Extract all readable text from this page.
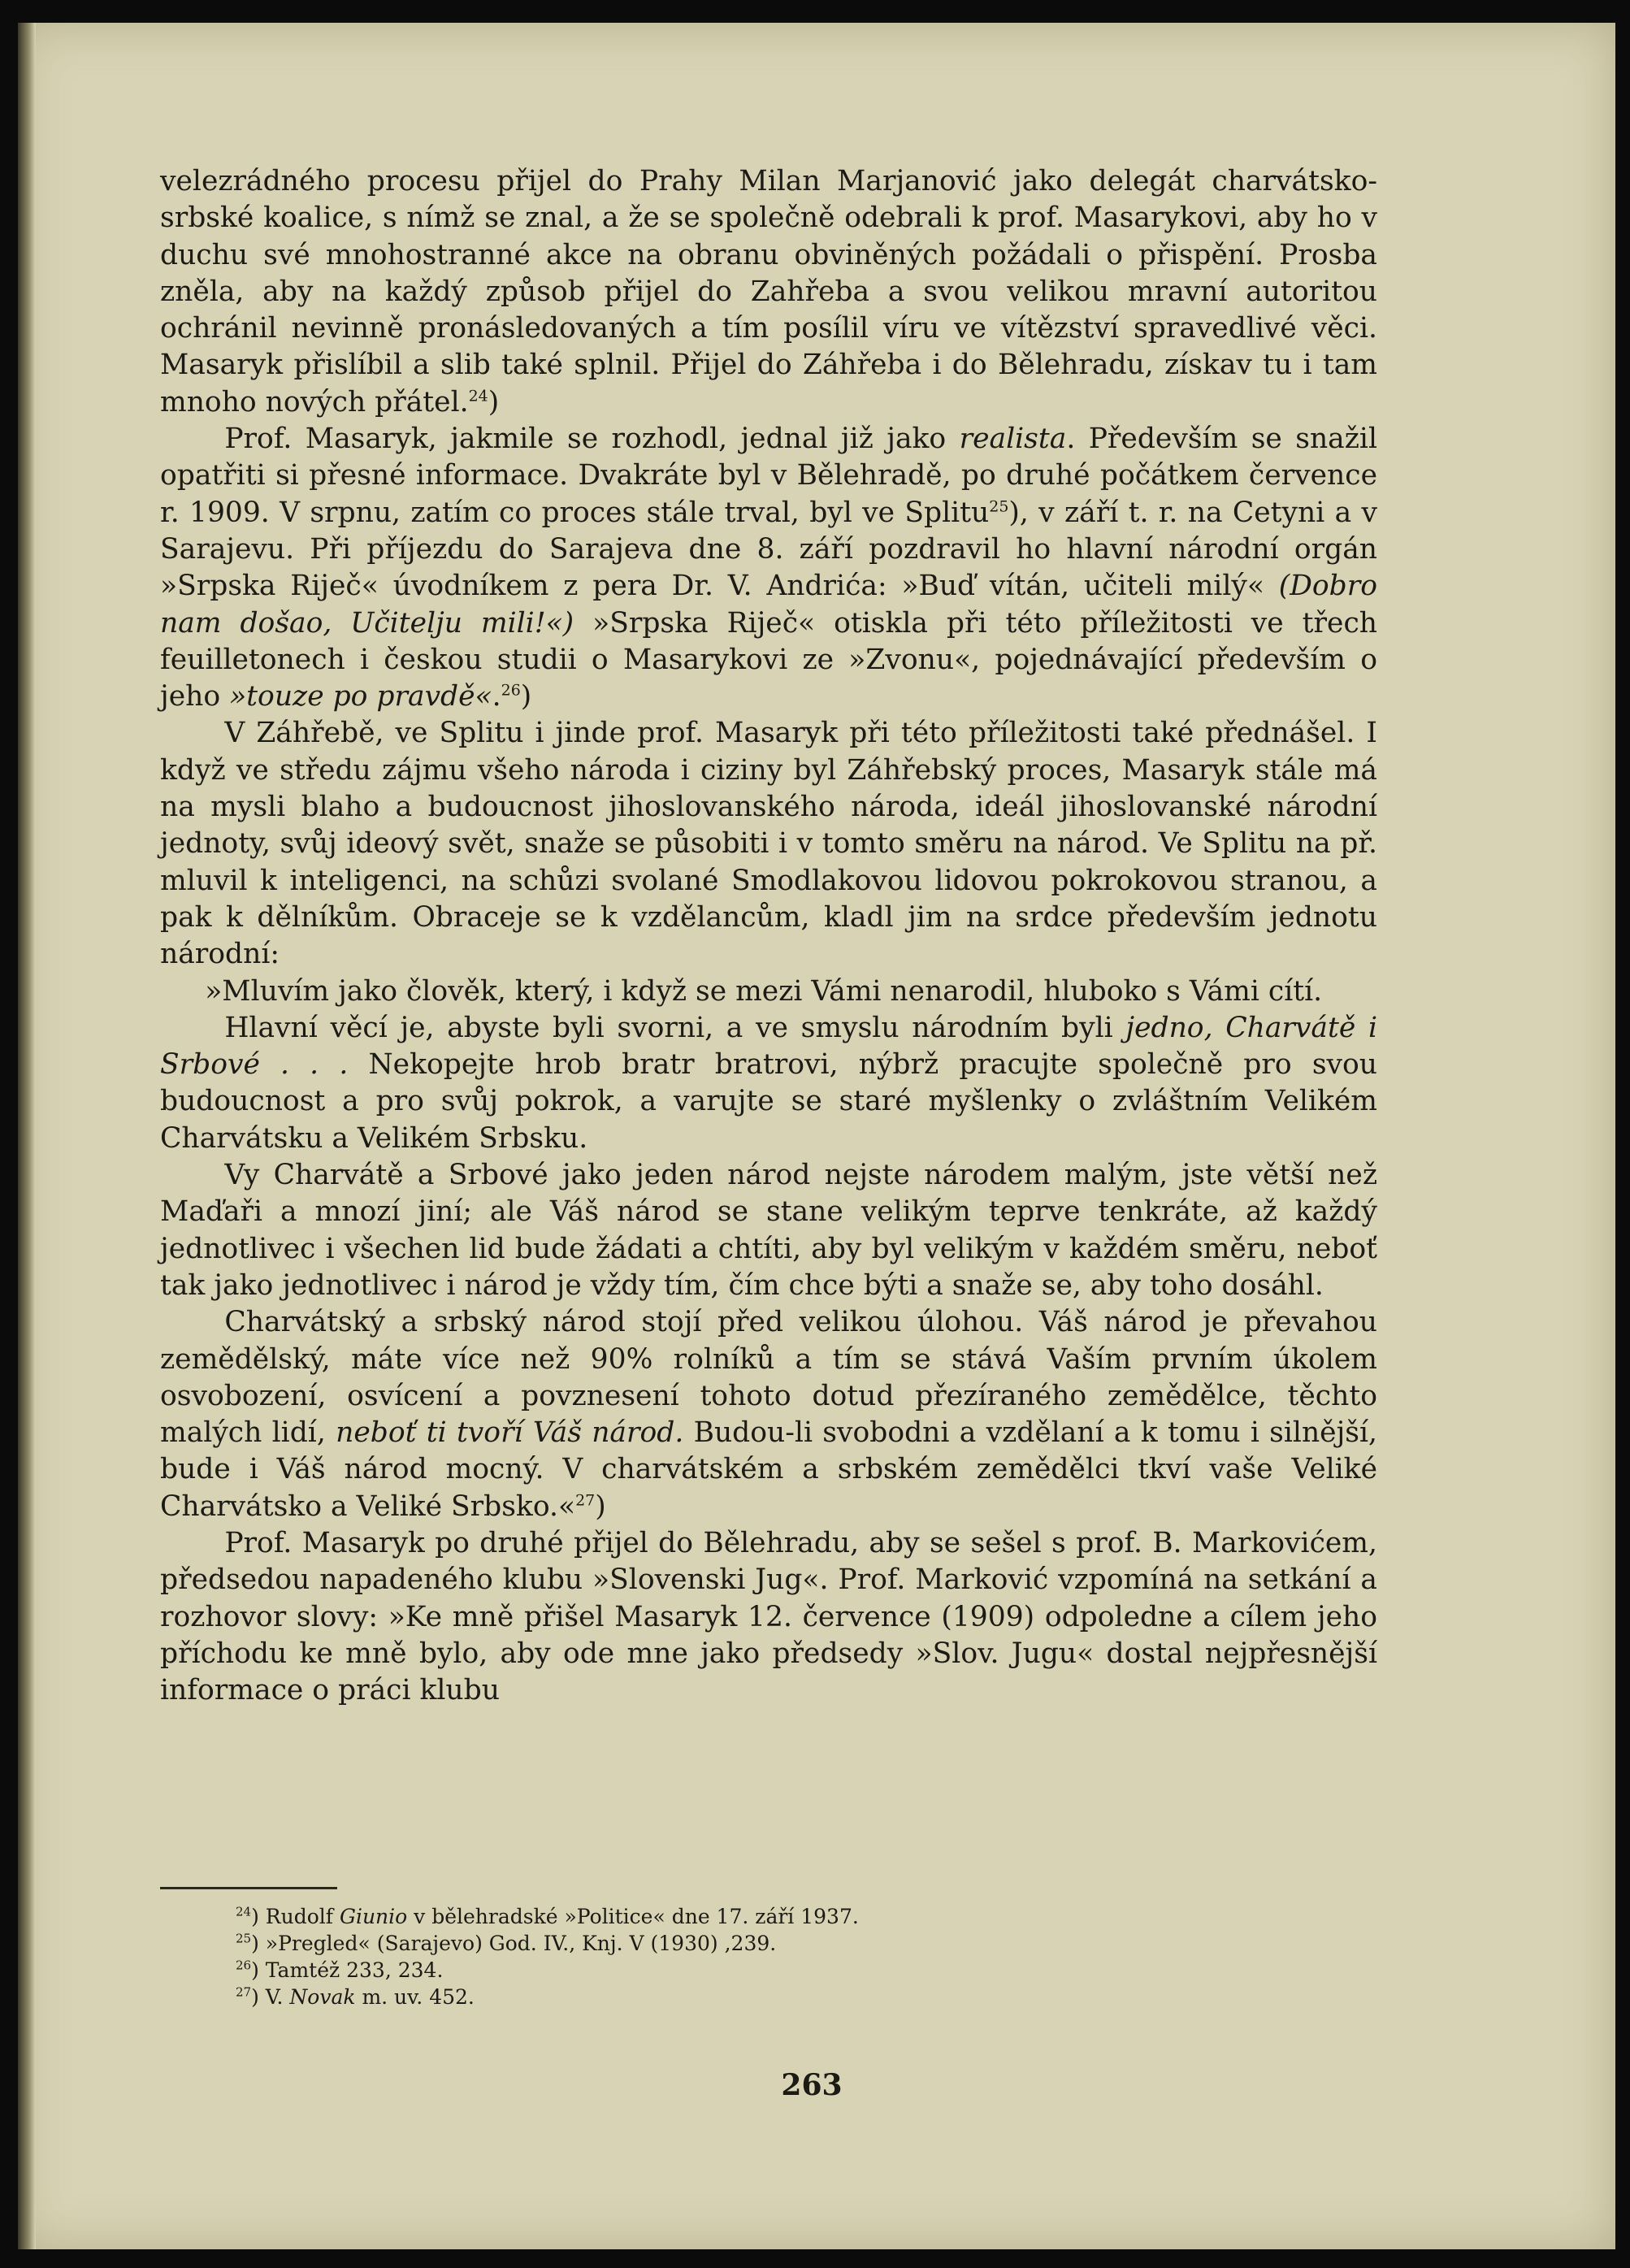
velezrádného procesu přijel do Prahy Milan Marjanović jako delegát charvátsko-srbské koalice, s nímž se znal, a že se společně odebrali k prof. Masarykovi, aby ho v duchu své mnohostranné akce na obranu obviněných požádali o přispění. Prosba zněla, aby na každý způsob přijel do Zahřeba a svou velikou mravní autoritou ochránil nevinně pronásledovaných a tím posílil víru ve vítězství spravedlivé věci. Masaryk přislíbil a slib také splnil. Přijel do Záhřeba i do Bělehradu, získav tu i tam mnoho nových přátel.$^{24}$)

Prof. Masaryk, jakmile se rozhodl, jednal již jako realista. Především se snažil opatřiti si přesné informace. Dvakráte byl v Bělehradě, po druhé počátkem července r. 1909. V srpnu, zatím co proces stále trval, byl ve Splitu$^{25}$), v září t. r. na Cetyni a v Sarajevu. Při příjezdu do Sarajeva dne 8. září pozdravil ho hlavní národní orgán »Srpska Riječ« úvodníkem z pera Dr. V. Andrića: »Buď vítán, učiteli milý« (Dobro nam došao, Učitelju mili!«) »Srpska Riječ« otiskla při této příležitosti ve třech feuilletonech i českou studii o Masarykovi ze »Zvonu«, pojednávající především o jeho »touze po pravdě«.$^{26}$)

V Záhřebě, ve Splitu i jinde prof. Masaryk při této příležitosti také přednášel. I když ve středu zájmu všeho národa i ciziny byl Záhřebský proces, Masaryk stále má na mysli blaho a budoucnost jihoslovanského národa, ideál jihoslovanské národní jednoty, svůj ideový svět, snaže se působiti i v tomto směru na národ. Ve Splitu na př. mluvil k inteligenci, na schůzi svolané Smodlakovou lidovou pokrokovou stranou, a pak k dělníkům. Obraceje se k vzdělancům, kladl jim na srdce především jednotu národní:

»Mluvím jako člověk, který, i když se mezi Vámi nenarodil, hluboko s Vámi cítí.

Hlavní věcí je, abyste byli svorni, a ve smyslu národním byli jedno, Charvátě i Srbové . . . Nekopejte hrob bratr bratrovi, nýbrž pracujte společně pro svou budoucnost a pro svůj pokrok, a varujte se staré myšlenky o zvláštním Velikém Charvátsku a Velikém Srbsku.

Vy Charvátě a Srbové jako jeden národ nejste národem malým, jste větší než Maďaři a mnozí jiní; ale Váš národ se stane velikým teprve tenkráte, až každý jednotlivec i všechen lid bude žádati a chtíti, aby byl velikým v každém směru, neboť tak jako jednotlivec i národ je vždy tím, čím chce býti a snaže se, aby toho dosáhl.

Charvátský a srbský národ stojí před velikou úlohou. Váš národ je převahou zemědělský, máte více než 90% rolníků a tím se stává Vaším prvním úkolem osvobození, osvícení a povznesení tohoto dotud přezíraného zemědělce, těchto malých lidí, neboť ti tvoří Váš národ. Budou-li svobodni a vzdělaní a k tomu i silnější, bude i Váš národ mocný. V charvátském a srbském zemědělci tkví vaše Veliké Charvátsko a Veliké Srbsko.«$^{27}$)

Prof. Masaryk po druhé přijel do Bělehradu, aby se sešel s prof. B. Markovićem, předsedou napadeného klubu »Slovenski Jug«. Prof. Marković vzpomíná na setkání a rozhovor slovy: »Ke mně přišel Masaryk 12. července (1909) odpoledne a cílem jeho příchodu ke mně bylo, aby ode mne jako předsedy »Slov. Jugu« dostal nejpřesnější informace o práci klubu

$^{24}$) Rudolf Giunio v bělehradské »Politice« dne 17. září 1937.
$^{25}$) »Pregled« (Sarajevo) God. IV., Knj. V (1930) ,239.
$^{26}$) Tamtéž 233, 234.
$^{27}$) V. Novak m. uv. 452.
263
